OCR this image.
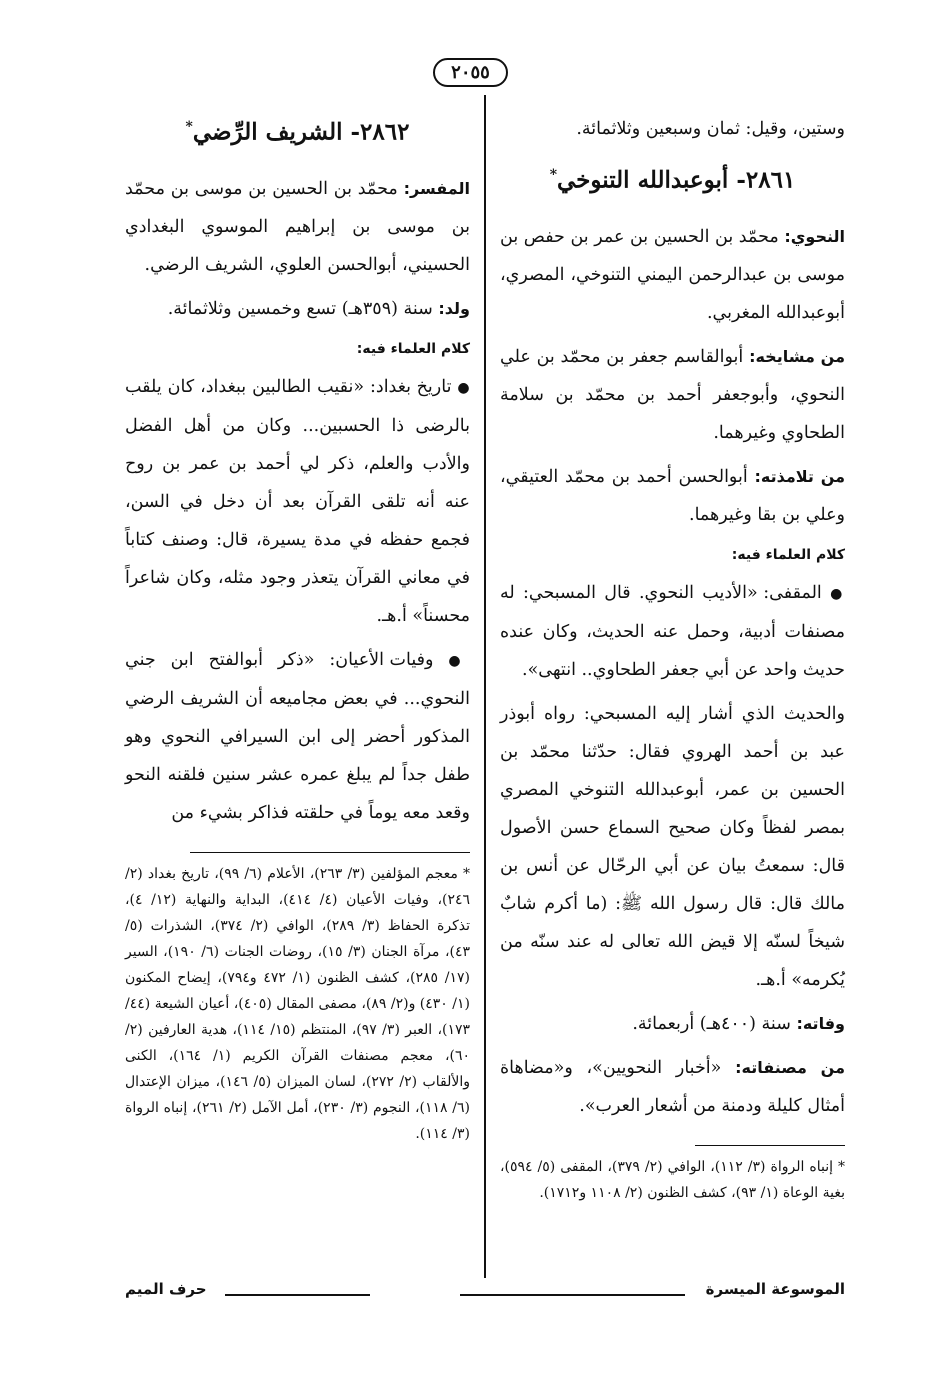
٢٠٥٥

وستين، وقيل: ثمان وسبعين وثلاثمائة.

٢٨٦١- أبوعبدالله التنوخي*

النحوي: محمّد بن الحسين بن عمر بن حفص بن موسى بن عبدالرحمن اليمني التنوخي، المصري، أبوعبدالله المغربي.

من مشايخه: أبوالقاسم جعفر بن محمّد بن علي النحوي، وأبوجعفر أحمد بن محمّد بن سلامة الطحاوي وغيرهما.

من تلامذته: أبوالحسن أحمد بن محمّد العتيقي، وعلي بن بقا وغيرهما.

كلام العلماء فيه:

● المقفى: «الأديب النحوي. قال المسبحي: له مصنفات أدبية، وحمل عنه الحديث، وكان عنده حديث واحد عن أبي جعفر الطحاوي.. انتهى».

والحديث الذي أشار إليه المسبحي: رواه أبوذر عبد بن أحمد الهروي فقال: حدّثنا محمّد بن الحسين بن عمر، أبوعبدالله التنوخي المصري بمصر لفظاً وكان صحيح السماع حسن الأصول قال: سمعتُ بيان عن أبي الرحّال عن أنس بن مالك قال: قال رسول الله ﷺ: (ما أكرم شابٌ شيخاً لسنّه إلا قيض الله تعالى له عند سنّه من يُكرمه» أ.هـ.

وفاته: سنة (٤٠٠هـ) أربعمائة.

من مصنفاته: «أخبار النحويين»، و«مضاهاة أمثال كليلة ودمنة من أشعار العرب».

* إنباه الرواة (٣/ ١١٢)، الوافي (٢/ ٣٧٩)، المقفى (٥/ ٥٩٤)، بغية الوعاة (١/ ٩٣)، كشف الظنون (٢/ ١١٠٨ و١٧١٢).

٢٨٦٢- الشريف الرِّضي*

المفسر: محمّد بن الحسين بن موسى بن محمّد بن موسى بن إبراهيم الموسوي البغدادي الحسيني، أبوالحسن العلوي، الشريف الرضي.

ولد: سنة (٣٥٩هـ) تسع وخمسين وثلاثمائة.

كلام العلماء فيه:

● تاريخ بغداد: «نقيب الطالبين ببغداد، كان يلقب بالرضى ذا الحسبين... وكان من أهل الفضل والأدب والعلم، ذكر لي أحمد بن عمر بن روح عنه أنه تلقى القرآن بعد أن دخل في السن، فجمع حفظه في مدة يسيرة، قال: وصنف كتاباً في معاني القرآن يتعذر وجود مثله، وكان شاعراً محسناً» أ.هـ.

● وفيات الأعيان: «ذكر أبوالفتح ابن جني النحوي... في بعض مجاميعه أن الشريف الرضي المذكور أحضر إلى ابن السيرافي النحوي وهو طفل جداً لم يبلغ عمره عشر سنين فلقنه النحو وقعد معه يوماً في حلقته فذاكر بشيء من

* معجم المؤلفين (٣/ ٢٦٣)، الأعلام (٦/ ٩٩)، تاريخ بغداد (٢/ ٢٤٦)، وفيات الأعيان (٤/ ٤١٤)، البداية والنهاية (١٢/ ٤)، تذكرة الحفاظ (٣/ ٢٨٩)، الوافي (٢/ ٣٧٤)، الشذرات (٥/ ٤٣)، مرآة الجنان (٣/ ١٥)، روضات الجنات (٦/ ١٩٠)، السير (١٧/ ٢٨٥)، كشف الظنون (١/ ٤٧٢ و٧٩٤)، إيضاح المكنون (١/ ٤٣٠) و(٢/ ٨٩)، مصفى المقال (٤٠٥)، أعيان الشيعة (٤٤/ ١٧٣)، العبر (٣/ ٩٧)، المنتظم (١٥/ ١١٤)، هدية العارفين (٢/ ٦٠)، معجم مصنفات القرآن الكريم (١/ ١٦٤)، الكنى والألقاب (٢/ ٢٧٢)، لسان الميزان (٥/ ١٤٦)، ميزان الإعتدال (٦/ ١١٨)، النجوم (٣/ ٢٣٠)، أمل الآمل (٢/ ٢٦١)، إنباه الرواة (٣/ ١١٤).

الموسوعة الميسرة
حرف الميم
